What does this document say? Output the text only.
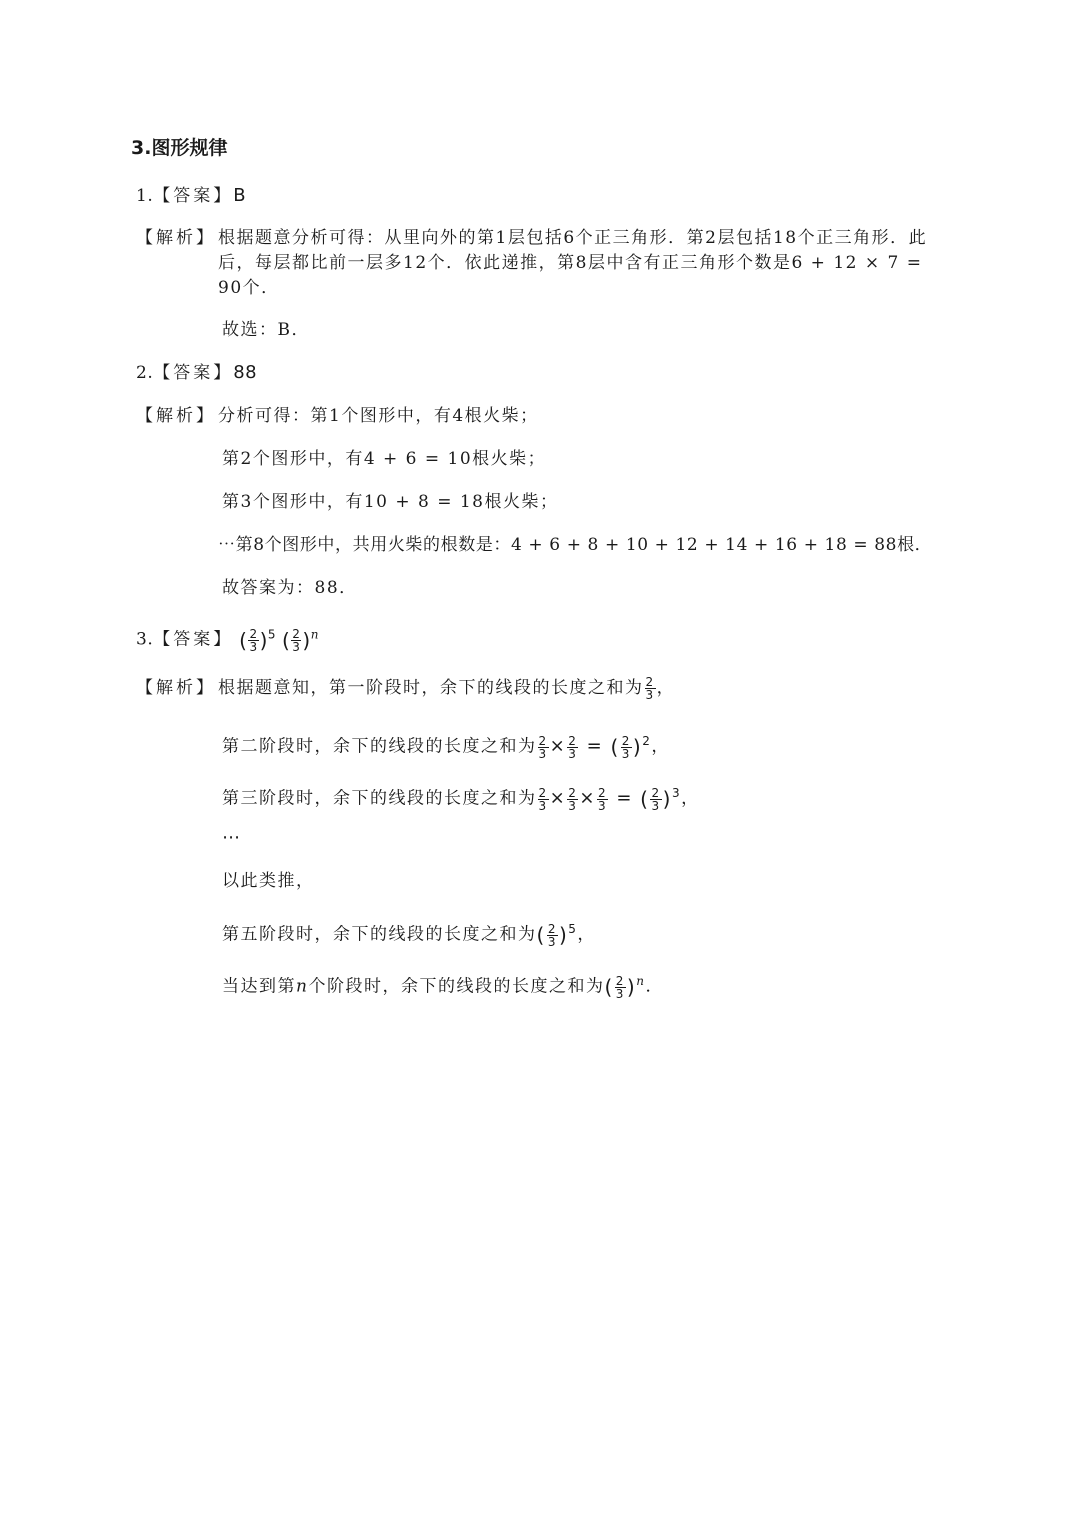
3.图形规律
1.【答案】B
【解析】 根据题意分析可得：从里向外的第1层包括6个正三角形．第2层包括18个正三角形．此后，每层都比前一层多12个．依此递推，第8层中含有正三角形个数是6 + 12 × 7 = 90个．
故选：B．
2.【答案】88
【解析】 分析可得：第1个图形中，有4根火柴；
第2个图形中，有4 + 6 = 10根火柴；
第3个图形中，有10 + 8 = 18根火柴；
⋯第8个图形中，共用火柴的根数是：4 + 6 + 8 + 10 + 12 + 14 + 16 + 18 = 88根．
故答案为：88．
3.【答案】 ( $\frac{2}{3} )^5$ ( $\frac{2}{3} )^n$
【解析】 根据题意知，第一阶段时，余下的线段的长度之和为 $\frac{2}{3}$ ，
第二阶段时，余下的线段的长度之和为 $\frac{2}{3} \times \frac{2}{3}$ = ( $\frac{2}{3} )^2$，
第三阶段时，余下的线段的长度之和为 $\frac{2}{3} \times \frac{2}{3} \times \frac{2}{3}$ = ( $\frac{2}{3} )^3$，
⋯
以此类推，
第五阶段时，余下的线段的长度之和为( $\frac{2}{3} )^5$，
当达到第n个阶段时，余下的线段的长度之和为( $\frac{2}{3} )^n$．
